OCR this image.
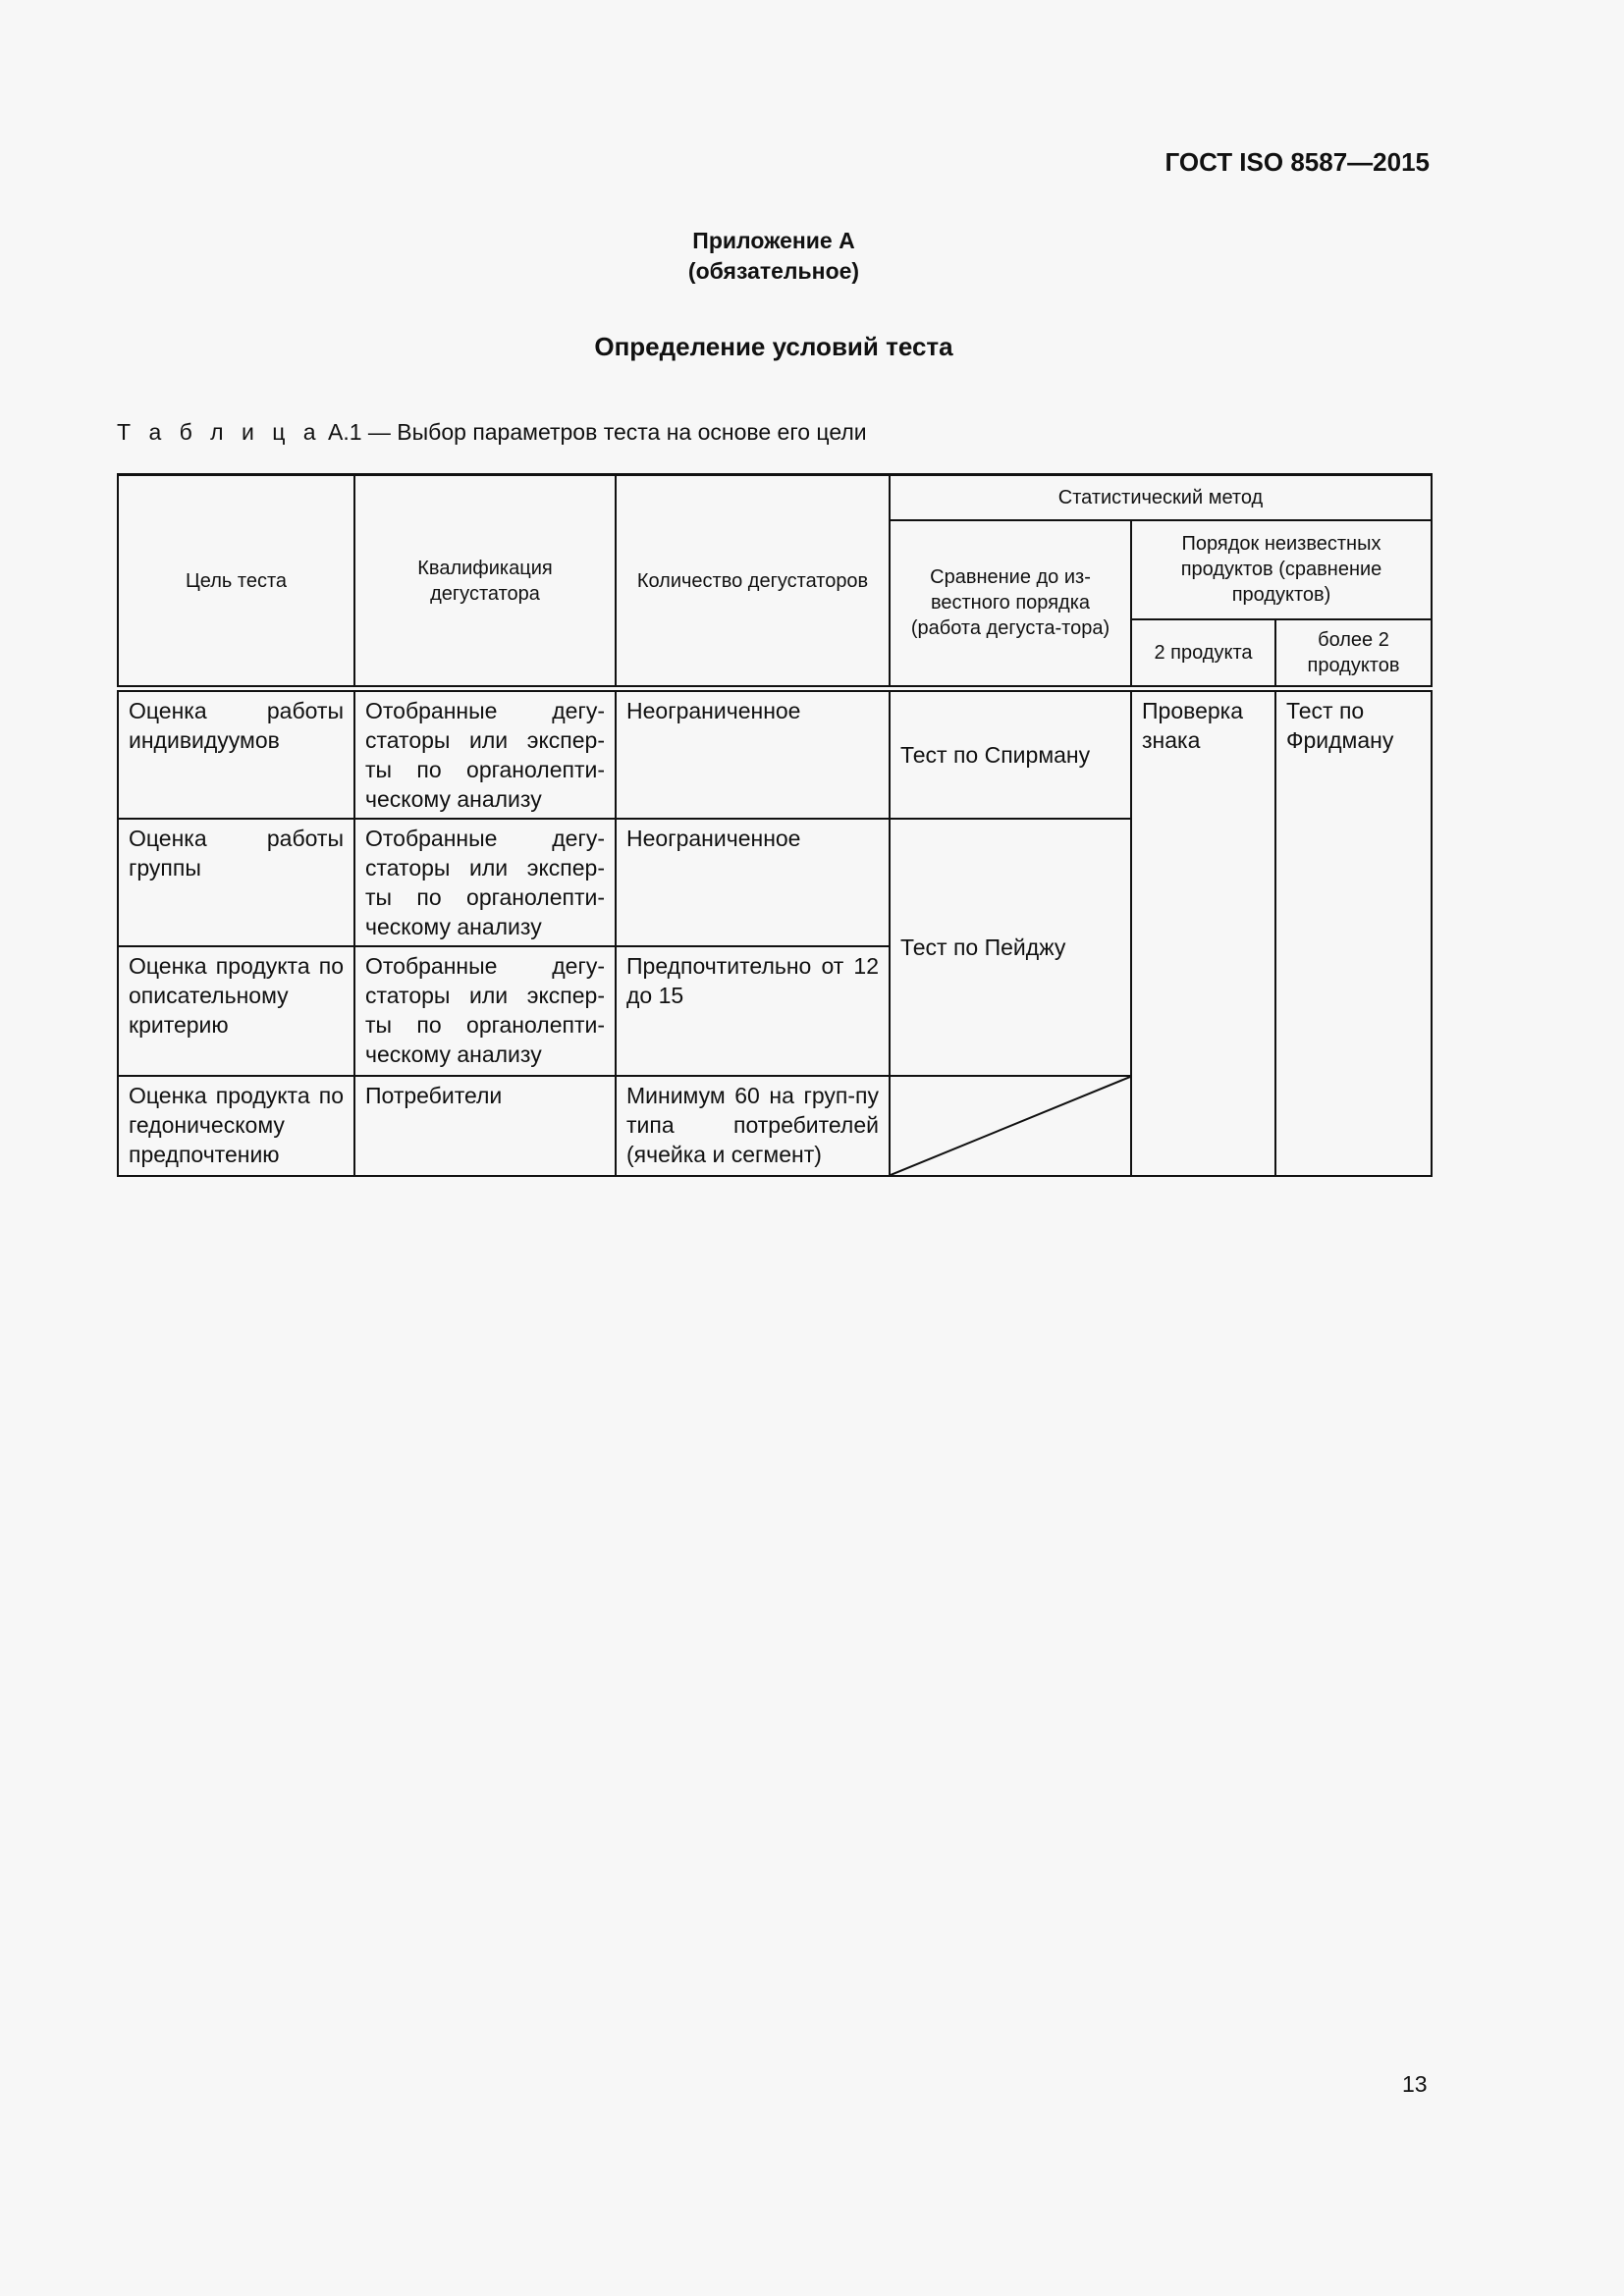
ГОСТ ISO 8587—2015
Приложение А
(обязательное)
Определение условий теста
Т а б л и ц а А.1 — Выбор параметров теста на основе его цели
Цель теста	Квалификация дегустатора	Количество дегустаторов	Статистический метод		
			Сравнение до из-вестного порядка (работа дегуста-тора)	Порядок неизвестных продуктов (сравнение продуктов)	
				2 продукта	более 2 продуктов
Оценка работы индивидуумов	Отобранные дегу-статоры или экспер-ты по органолепти-ческому анализу	Неограниченное	Тест по Спирману	Проверка знака	Тест по Фридману
Оценка работы группы	Отобранные дегу-статоры или экспер-ты по органолепти-ческому анализу	Неограниченное	Тест по Пейджу		
Оценка продукта по описательному критерию	Отобранные дегу-статоры или экспер-ты по органолепти-ческому анализу	Предпочтительно от 12 до 15			
Оценка продукта по гедоническому предпочтению	Потребители	Минимум 60 на груп-пу типа потребителей (ячейка и сегмент)	
13
